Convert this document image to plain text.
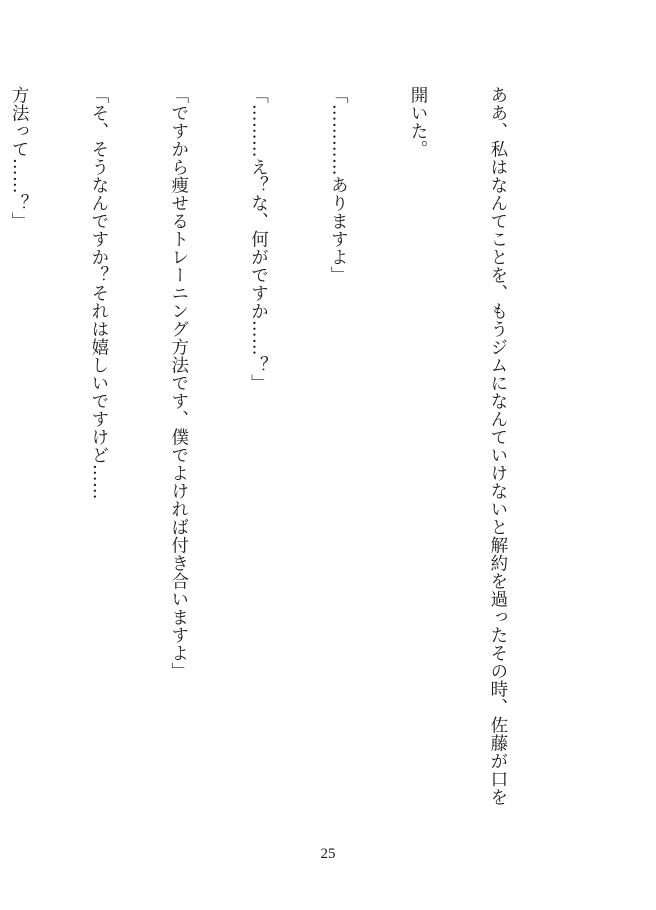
ああ、私はなんてことを、もうジムになんていけないと解約を過ったその時、佐藤が口を

開いた。

「…………ありますよ」

「………え？な、何がですか……？」

「ですから痩せるトレーニング方法です、僕でよければ付き合いますよ」

「そ、そうなんですか？それは嬉しいですけど……

方法って……？」

25
